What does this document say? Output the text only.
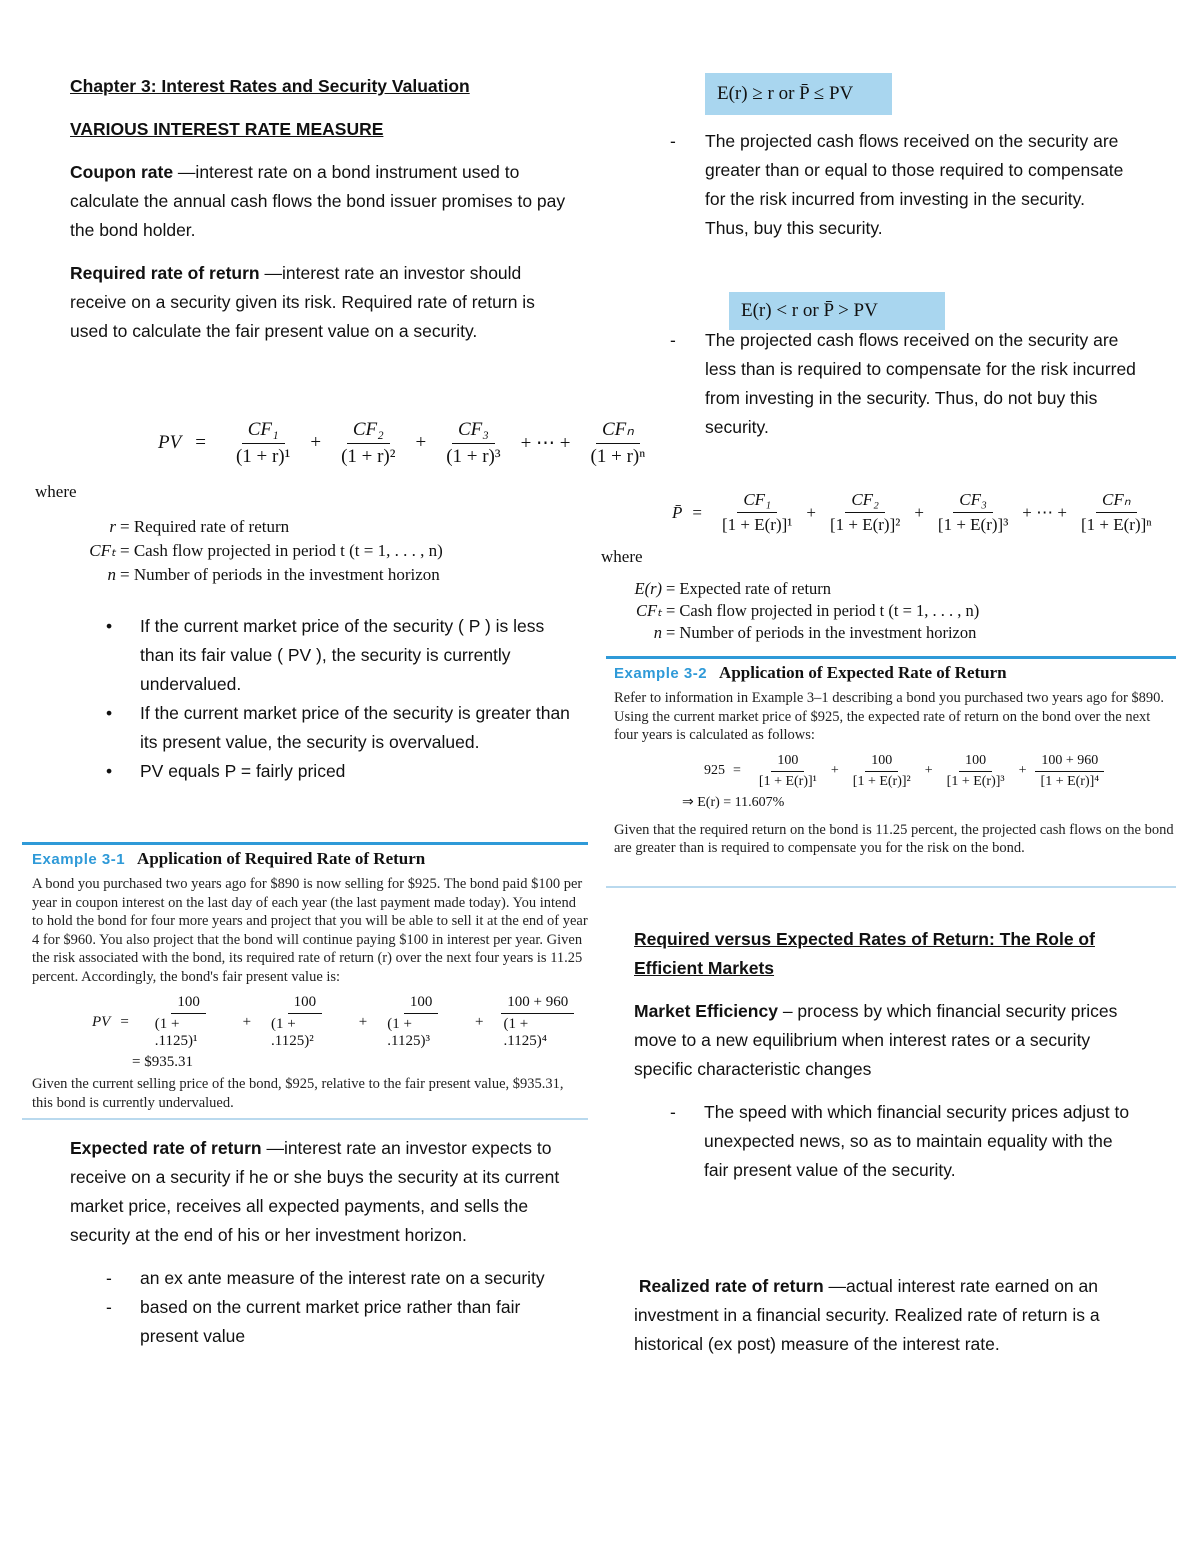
Chapter 3: Interest Rates and Security Valuation
VARIOUS INTEREST RATE MEASURE

Coupon rate —interest rate on a bond instrument used to calculate the annual cash flows the bond issuer promises to pay the bond holder.

Required rate of return —interest rate an investor should receive on a security given its risk. Required rate of return is used to calculate the fair present value on a security.

PV = $\frac{\text{CF₁}}{\text{(1 + r)¹}} + \frac{\text{CF₂}}{\text{(1 + r)²}} + \frac{\text{CF₃}}{\text{(1 + r)³}}$ + ⋯ + $\frac{\text{CFₙ}}{\text{(1 + r)ⁿ}}$
where
r = Required rate of return
CFₜ = Cash flow projected in period t (t = 1, . . . , n)
n = Number of periods in the investment horizon
• If the current market price of the security ( P ) is less than its fair value ( PV ), the security is currently undervalued.
• If the current market price of the security is greater than its present value, the security is overvalued.
• PV equals P = fairly priced
Example 3-1 Application of Required Rate of Return
A bond you purchased two years ago for $890 is now selling for $925. The bond paid $100 per year in coupon interest on the last day of each year (the last payment made today). You intend to hold the bond for four more years and project that you will be able to sell it at the end of year 4 for $960. You also project that the bond will continue paying $100 in interest per year. Given the risk associated with the bond, its required rate of return (r) over the next four years is 11.25 percent. Accordingly, the bond's fair present value is:
PV = $\frac{100}{\text{(1 + .1125)¹}} + \frac{100}{\text{(1 + .1125)²}} + \frac{100}{\text{(1 + .1125)³}} + \frac{100 + 960}{\text{(1 + .1125)⁴}}$
= $935.31
Given the current selling price of the bond, $925, relative to the fair present value, $935.31, this bond is currently undervalued.

Expected rate of return —interest rate an investor expects to receive on a security if he or she buys the security at its current market price, receives all expected payments, and sells the security at the end of his or her investment horizon.

- an ex ante measure of the interest rate on a security
- based on the current market price rather than fair present value
E(r) ≥ r or P̄ ≤ PV
- The projected cash flows received on the security are greater than or equal to those required to compensate for the risk incurred from investing in the security. Thus, buy this security.
E(r) < r or P̄ > PV
- The projected cash flows received on the security are less than is required to compensate for the risk incurred from investing in the security. Thus, do not buy this security.
P̄ = $\frac{\text{CF₁}}{\text{[1 + E(r)]¹}} + \frac{\text{CF₂}}{\text{[1 + E(r)]²}} + \frac{\text{CF₃}}{\text{[1 + E(r)]³}}$ + ⋯ + $\frac{\text{CFₙ}}{\text{[1 + E(r)]ⁿ}}$
where
E(r) = Expected rate of return
CFₜ = Cash flow projected in period t (t = 1, . . . , n)
n = Number of periods in the investment horizon
Example 3-2 Application of Expected Rate of Return
Refer to information in Example 3–1 describing a bond you purchased two years ago for $890. Using the current market price of $925, the expected rate of return on the bond over the next four years is calculated as follows:
$925 = \frac{100}{\text{[1 + E(r)]¹}} + \frac{100}{\text{[1 + E(r)]²}} + \frac{100}{\text{[1 + E(r)]³}} + \frac{100 + 960}{\text{[1 + E(r)]⁴}}$
⇒ E(r) = 11.607%
Given that the required return on the bond is 11.25 percent, the projected cash flows on the bond are greater than is required to compensate you for the risk on the bond.
Required versus Expected Rates of Return: The Role of Efficient Markets

Market Efficiency – process by which financial security prices move to a new equilibrium when interest rates or a security specific characteristic changes

- The speed with which financial security prices adjust to unexpected news, so as to maintain equality with the fair present value of the security.

Realized rate of return —actual interest rate earned on an investment in a financial security. Realized rate of return is a historical (ex post) measure of the interest rate.
